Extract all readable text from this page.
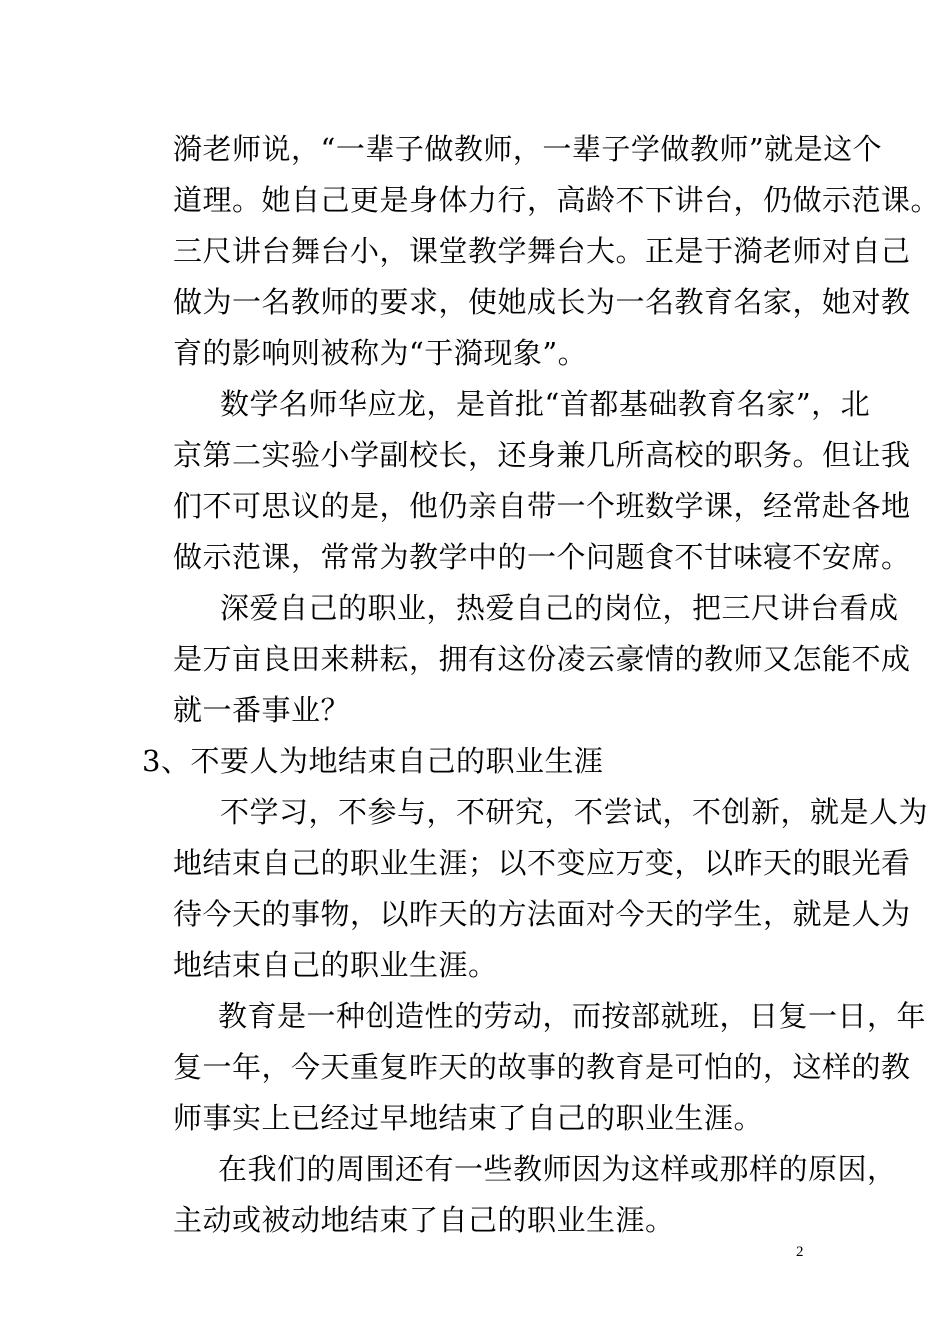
漪老师说，“一辈子做教师，一辈子学做教师”就是这个
道理。她自己更是身体力行，高龄不下讲台，仍做示范课。
三尺讲台舞台小，课堂教学舞台大。正是于漪老师对自己
做为一名教师的要求，使她成长为一名教育名家，她对教
育的影响则被称为“于漪现象”。
数学名师华应龙，是首批“首都基础教育名家”，北
京第二实验小学副校长，还身兼几所高校的职务。但让我
们不可思议的是，他仍亲自带一个班数学课，经常赴各地
做示范课，常常为教学中的一个问题食不甘味寝不安席。
深爱自己的职业，热爱自己的岗位，把三尺讲台看成
是万亩良田来耕耘，拥有这份凌云豪情的教师又怎能不成
就一番事业？
3、不要人为地结束自己的职业生涯
不学习，不参与，不研究，不尝试，不创新，就是人为
地结束自己的职业生涯；以不变应万变，以昨天的眼光看
待今天的事物，以昨天的方法面对今天的学生，就是人为
地结束自己的职业生涯。
教育是一种创造性的劳动，而按部就班，日复一日，年
复一年，今天重复昨天的故事的教育是可怕的，这样的教
师事实上已经过早地结束了自己的职业生涯。
在我们的周围还有一些教师因为这样或那样的原因，
主动或被动地结束了自己的职业生涯。
2
